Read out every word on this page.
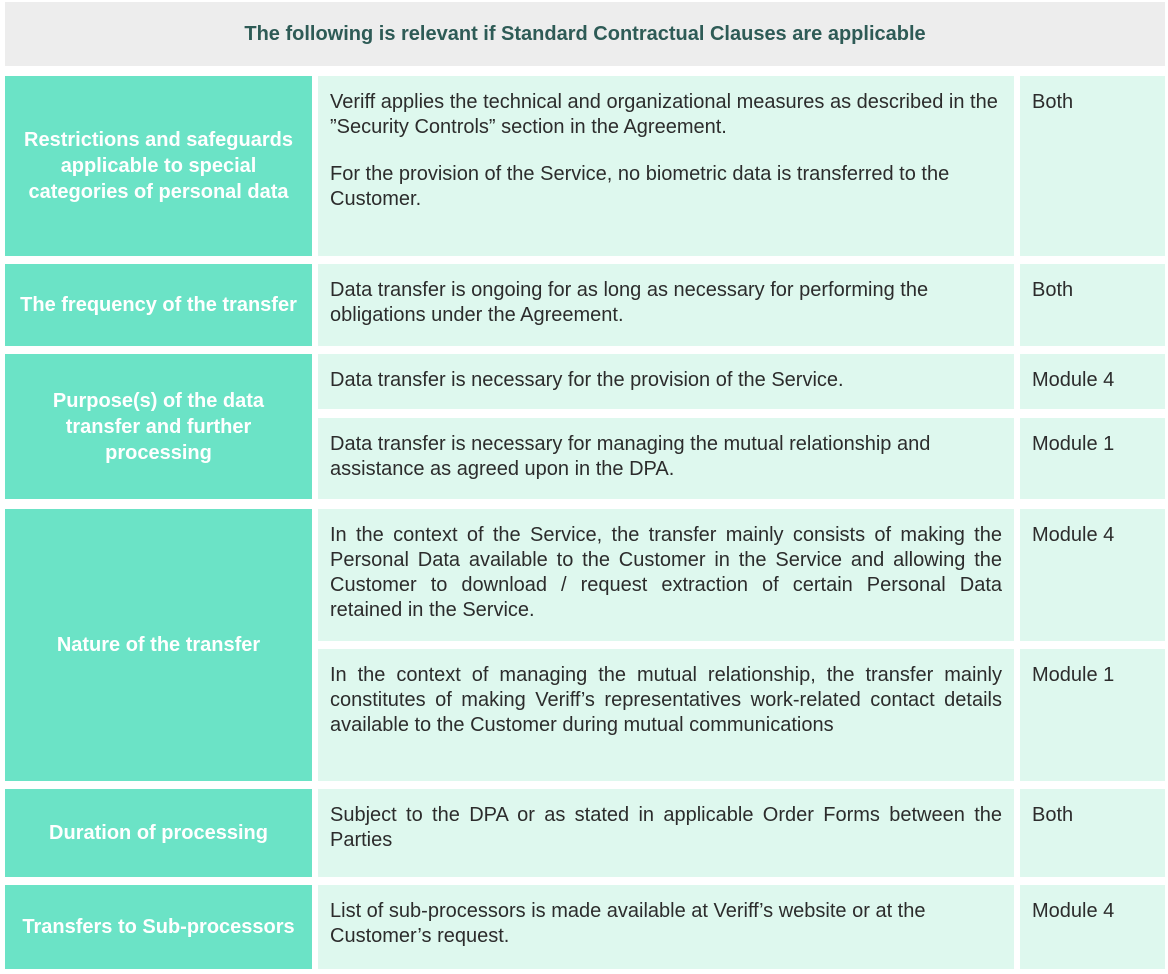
The following is relevant if Standard Contractual Clauses are applicable
Restrictions and safeguards applicable to special categories of personal data

Veriff applies the technical and organizational measures as described in the ”Security Controls” section in the Agreement.

For the provision of the Service, no biometric data is transferred to the Customer.

Both
The frequency of the transfer

Data transfer is ongoing for as long as necessary for performing the obligations under the Agreement.

Both
Purpose(s) of the data transfer and further processing

Data transfer is necessary for the provision of the Service.	Module 4

Data transfer is necessary for managing the mutual relationship and assistance as agreed upon in the DPA.

Module 1
Nature of the transfer

In the context of the Service, the transfer mainly consists of making the Personal Data available to the Customer in the Service and allowing the Customer to download / request extraction of certain Personal Data retained in the Service.

Module 4

In the context of managing the mutual relationship, the transfer mainly constitutes of making Veriff’s representatives work-related contact details available to the Customer during mutual communications

Module 1
Duration of processing

Subject to the DPA or as stated in applicable Order Forms between the Parties

Both
Transfers to Sub-processors

List of sub-processors is made available at Veriff’s website or at the Customer’s request.

Module 4
